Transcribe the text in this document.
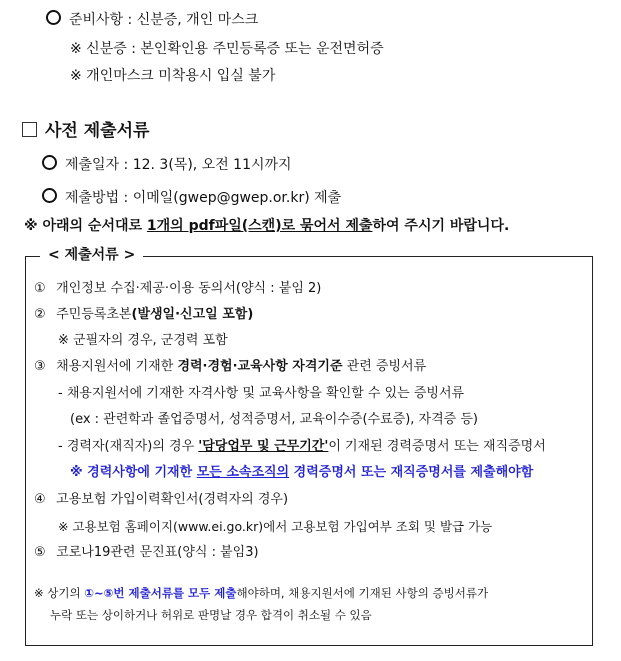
준비사항 : 신분증, 개인 마스크
※ 신분증 : 본인확인용 주민등록증 또는 운전면허증
※ 개인마스크 미착용시 입실 불가
사전 제출서류
제출일자 : 12. 3(목), 오전 11시까지
제출방법 : 이메일(gwep@gwep.or.kr) 제출
※ 아래의 순서대로 1개의 pdf파일(스캔)로 묶어서 제출하여 주시기 바랍니다.
< 제출서류 >
① 개인정보 수집·제공·이용 동의서(양식 : 붙임 2)
② 주민등록초본(발생일·신고일 포함)
※ 군필자의 경우, 군경력 포함
③ 채용지원서에 기재한 경력·경험·교육사항 자격기준 관련 증빙서류
- 채용지원서에 기재한 자격사항 및 교육사항을 확인할 수 있는 증빙서류
(ex : 관련학과 졸업증명서, 성적증명서, 교육이수증(수료증), 자격증 등)
- 경력자(재직자)의 경우 '담당업무 및 근무기간'이 기재된 경력증명서 또는 재직증명서
※ 경력사항에 기재한 모든 소속조직의 경력증명서 또는 재직증명서를 제출해야함
④ 고용보험 가입이력확인서(경력자의 경우)
※ 고용보험 홈페이지(www.ei.go.kr)에서 고용보험 가입여부 조회 및 발급 가능
⑤ 코로나19관련 문진표(양식 : 붙임3)
※ 상기의 ①~⑤번 제출서류를 모두 제출해야하며, 채용지원서에 기재된 사항의 증빙서류가
누락 또는 상이하거나 허위로 판명날 경우 합격이 취소될 수 있음
